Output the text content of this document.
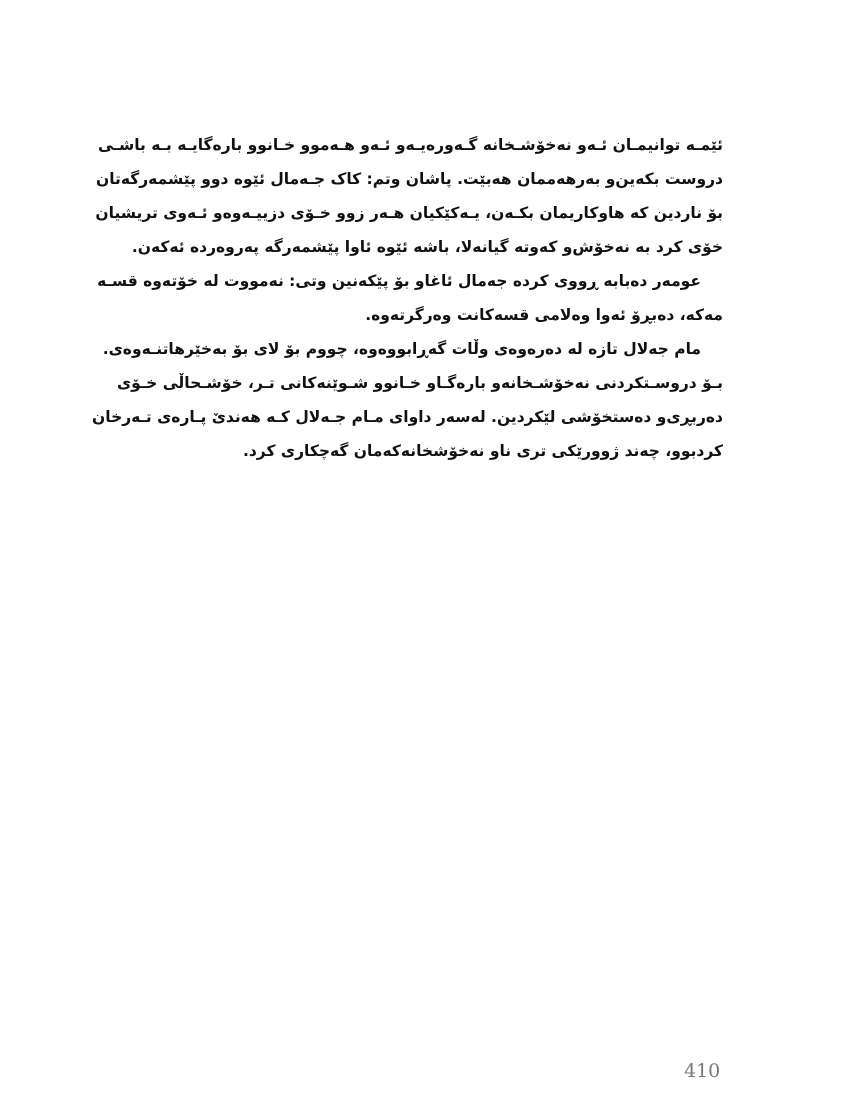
ئێمـە توانیمـان ئـەو نەخۆشـخانە گـەورەیـەو ئـەو هـەموو خـانوو بارەگایـە بـە باشـی
دروست بکەین‌و بەرهەممان هەبێت. پاشان وتم: کاک جـەمال ئێوە دوو پێشمەرگەتان
بۆ ناردین کە هاوکاریمان بکـەن، یـەکێکیان هـەر زوو خـۆی دزییـەوەو ئـەوی تریشیان
خۆی کرد بە نەخۆش‌و کەوتە گیانەلا، باشە ئێوە ئاوا پێشمەرگە پەروەردە ئەکەن.

عومەر دەبابە ڕووی کردە جەمال ئاغاو بۆ پێکەنین وتی: نەمووت لە خۆتەوە قسـە
مەکە، دەبڕۆ ئەوا وەلامی قسەکانت وەرگرتەوە.

مام جەلال تازە لە دەرەوەی وڵات گەڕابووەوە، چووم بۆ لای بۆ بەخێرهاتنـەوەی.

بـۆ دروسـتکردنی نەخۆشـخانەو بارەگـاو خـانوو شـوێنەکانی تـر، خۆشـحاڵی خـۆی
دەربڕی‌و دەستخۆشی لێکردین. لەسەر داوای مـام جـەلال کـە هەندێ پـارەی تـەرخان
کردبوو، چەند ژوورێکی تری ناو نەخۆشخانەکەمان گەچکاری کرد.

410
